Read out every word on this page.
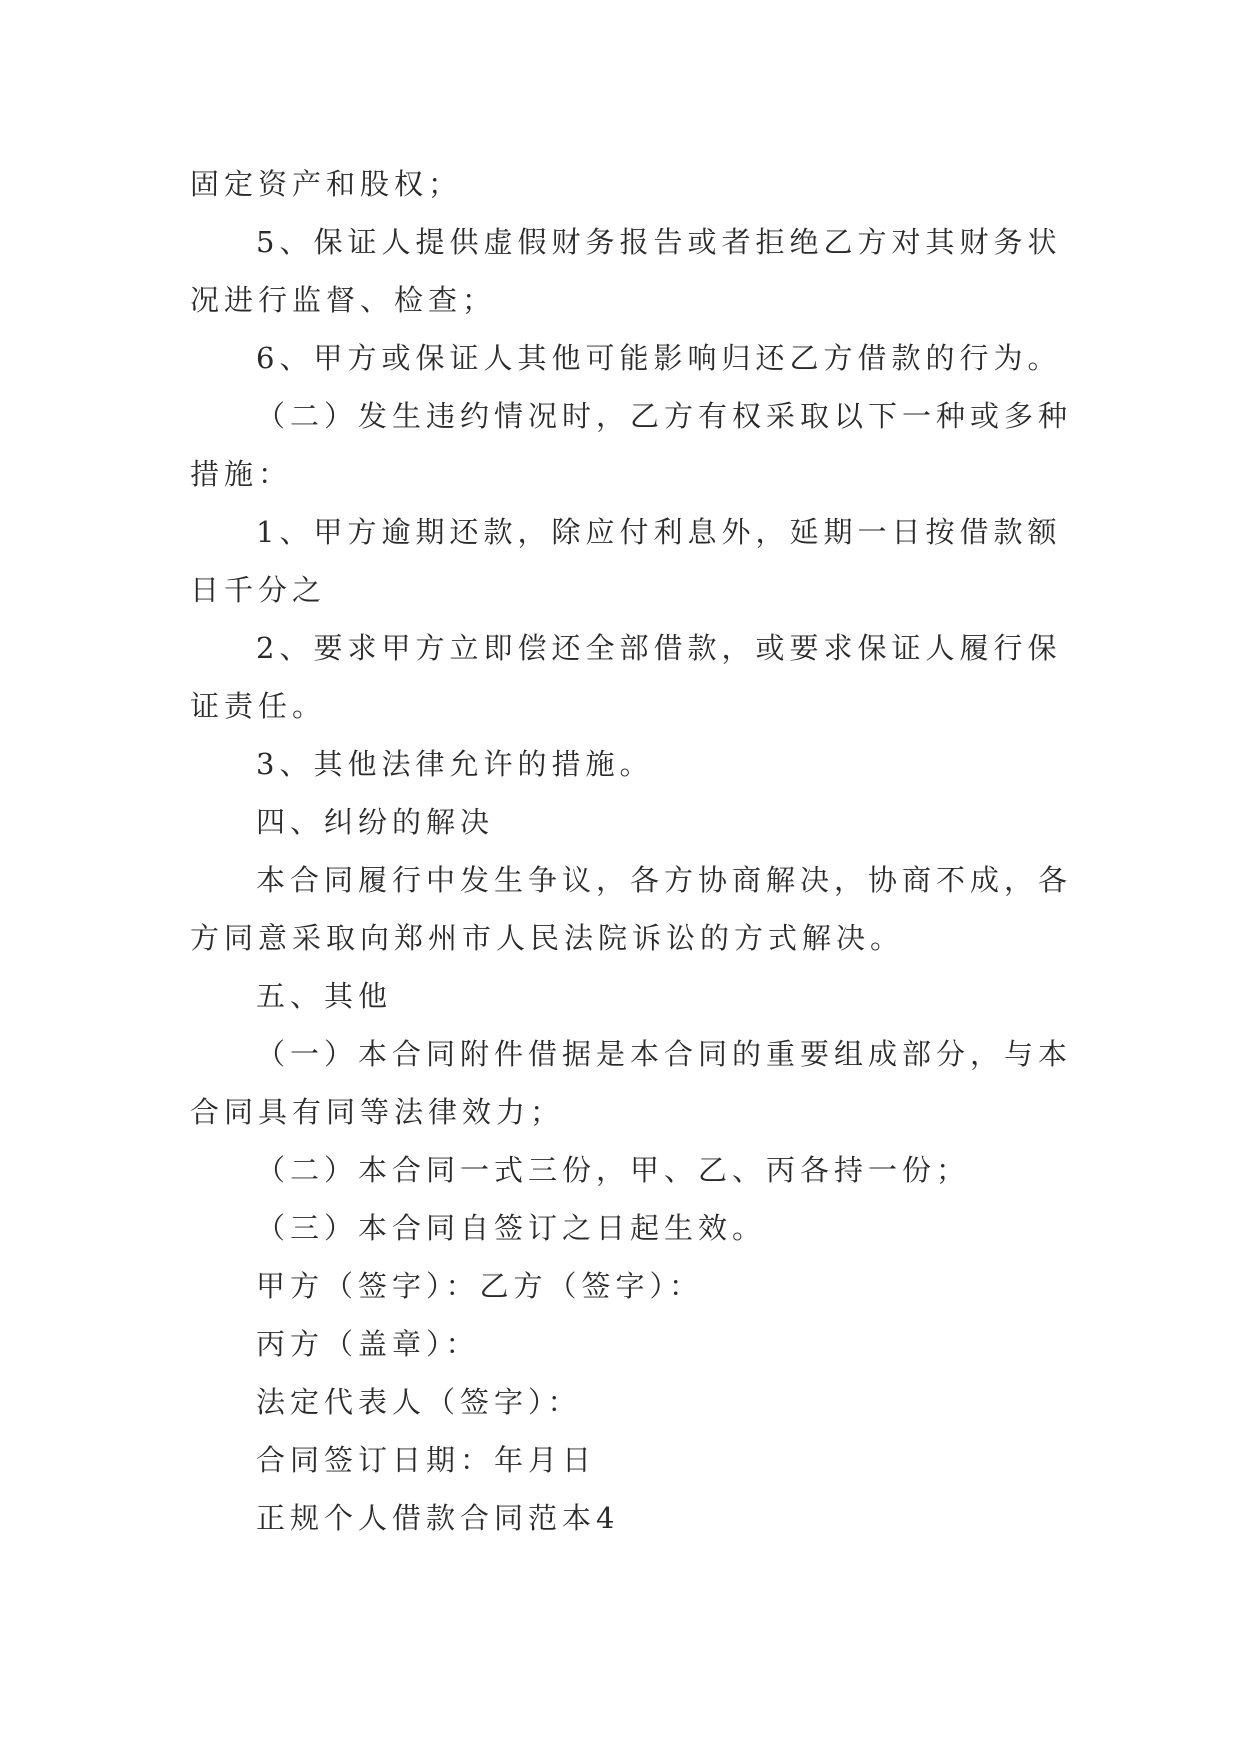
固定资产和股权；
5、保证人提供虚假财务报告或者拒绝乙方对其财务状
况进行监督、检查；
6、甲方或保证人其他可能影响归还乙方借款的行为。
（二）发生违约情况时，乙方有权采取以下一种或多种
措施：
1、甲方逾期还款，除应付利息外，延期一日按借款额
日千分之
2、要求甲方立即偿还全部借款，或要求保证人履行保
证责任。
3、其他法律允许的措施。
四、纠纷的解决
本合同履行中发生争议，各方协商解决，协商不成，各
方同意采取向郑州市人民法院诉讼的方式解决。
五、其他
（一）本合同附件借据是本合同的重要组成部分，与本
合同具有同等法律效力；
（二）本合同一式三份，甲、乙、丙各持一份；
（三）本合同自签订之日起生效。
甲方（签字）：乙方（签字）：
丙方（盖章）：
法定代表人（签字）：
合同签订日期：年月日
正规个人借款合同范本4
